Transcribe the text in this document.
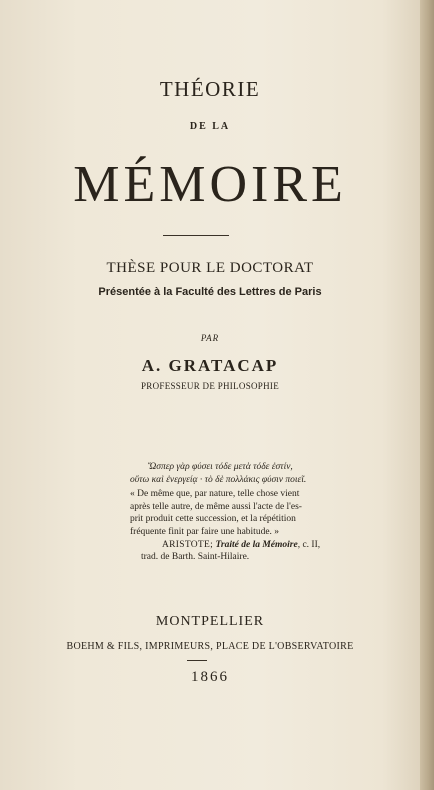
THÉORIE
DE LA
MÉMOIRE
THÈSE POUR LE DOCTORAT
Présentée à la Faculté des Lettres de Paris
PAR
A. GRATACAP
PROFESSEUR DE PHILOSOPHIE
Ὥσπερ γὰρ φύσει τόδε μετὰ τόδε ἐστίν,
οὕτω καὶ ἐνεργείᾳ · τὸ δὲ πολλάκις φύσιν ποιεῖ.
« De même que, par nature, telle chose vient
après telle autre, de même aussi l'acte de l'es-
prit produit cette succession, et la répétition
fréquente finit par faire une habitude. »
ARISTOTE; Traité de la Mémoire, c. II,
trad. de Barth. Saint-Hilaire.
MONTPELLIER
BOEHM & FILS, IMPRIMEURS, PLACE DE L'OBSERVATOIRE
1866
